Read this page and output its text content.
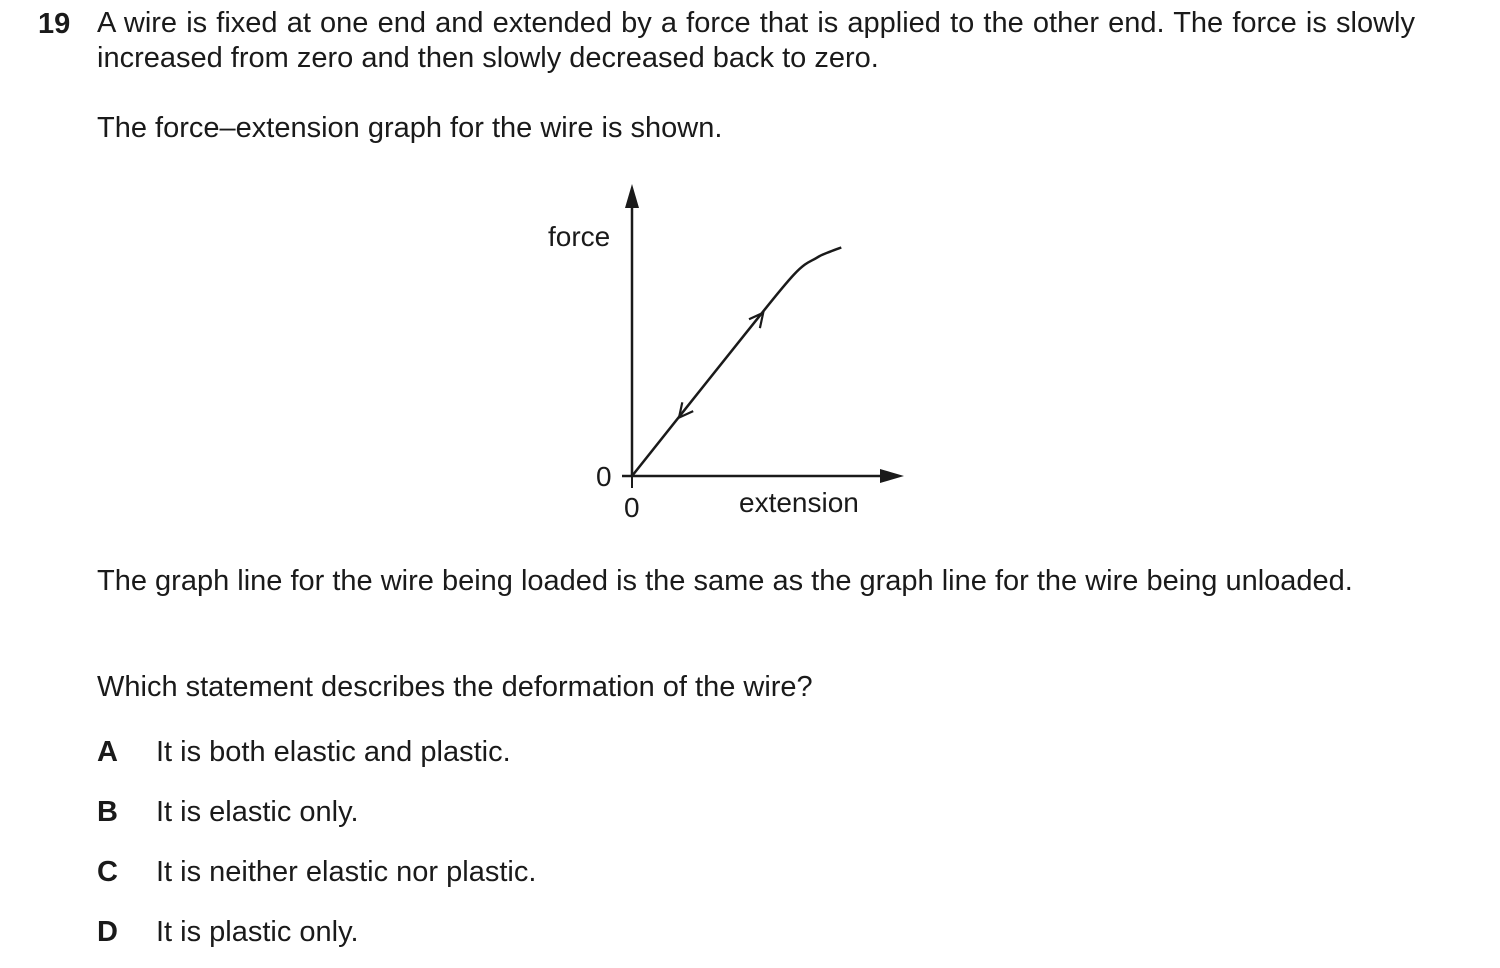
19 A wire is fixed at one end and extended by a force that is applied to the other end. The force is slowly increased from zero and then slowly decreased back to zero.

The force–extension graph for the wire is shown.

force
0
0	extension

The graph line for the wire being loaded is the same as the graph line for the wire being unloaded.

Which statement describes the deformation of the wire?

A It is both elastic and plastic.
B It is elastic only.
C It is neither elastic nor plastic.
D It is plastic only.
